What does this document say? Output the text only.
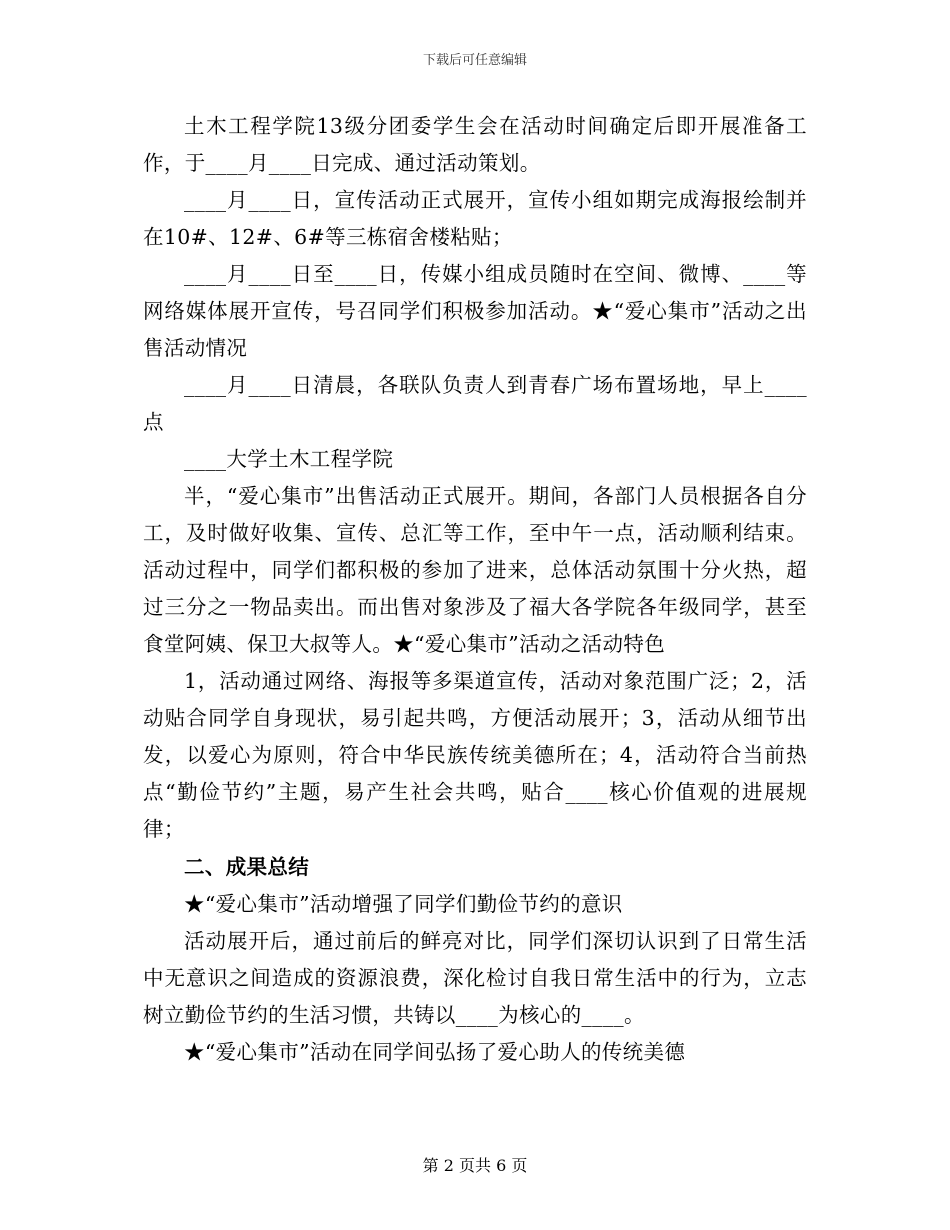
下载后可任意编辑

土木工程学院13级分团委学生会在活动时间确定后即开展准备工作，于____月____日完成、通过活动策划。

____月____日，宣传活动正式展开，宣传小组如期完成海报绘制并在10#、12#、6#等三栋宿舍楼粘贴；

____月____日至____日，传媒小组成员随时在空间、微博、____等网络媒体展开宣传，号召同学们积极参加活动。★“爱心集市”活动之出售活动情况

____月____日清晨，各联队负责人到青春广场布置场地，早上____点

____大学土木工程学院

半，“爱心集市”出售活动正式展开。期间，各部门人员根据各自分工，及时做好收集、宣传、总汇等工作，至中午一点，活动顺利结束。活动过程中，同学们都积极的参加了进来，总体活动氛围十分火热，超过三分之一物品卖出。而出售对象涉及了福大各学院各年级同学，甚至食堂阿姨、保卫大叔等人。★“爱心集市”活动之活动特色

1，活动通过网络、海报等多渠道宣传，活动对象范围广泛；2，活动贴合同学自身现状，易引起共鸣，方便活动展开；3，活动从细节出发，以爱心为原则，符合中华民族传统美德所在；4，活动符合当前热点“勤俭节约”主题，易产生社会共鸣，贴合____核心价值观的进展规律；

二、成果总结

★“爱心集市”活动增强了同学们勤俭节约的意识

活动展开后，通过前后的鲜亮对比，同学们深切认识到了日常生活中无意识之间造成的资源浪费，深化检讨自我日常生活中的行为，立志树立勤俭节约的生活习惯，共铸以____为核心的____。

★“爱心集市”活动在同学间弘扬了爱心助人的传统美德

第 2 页共 6 页
